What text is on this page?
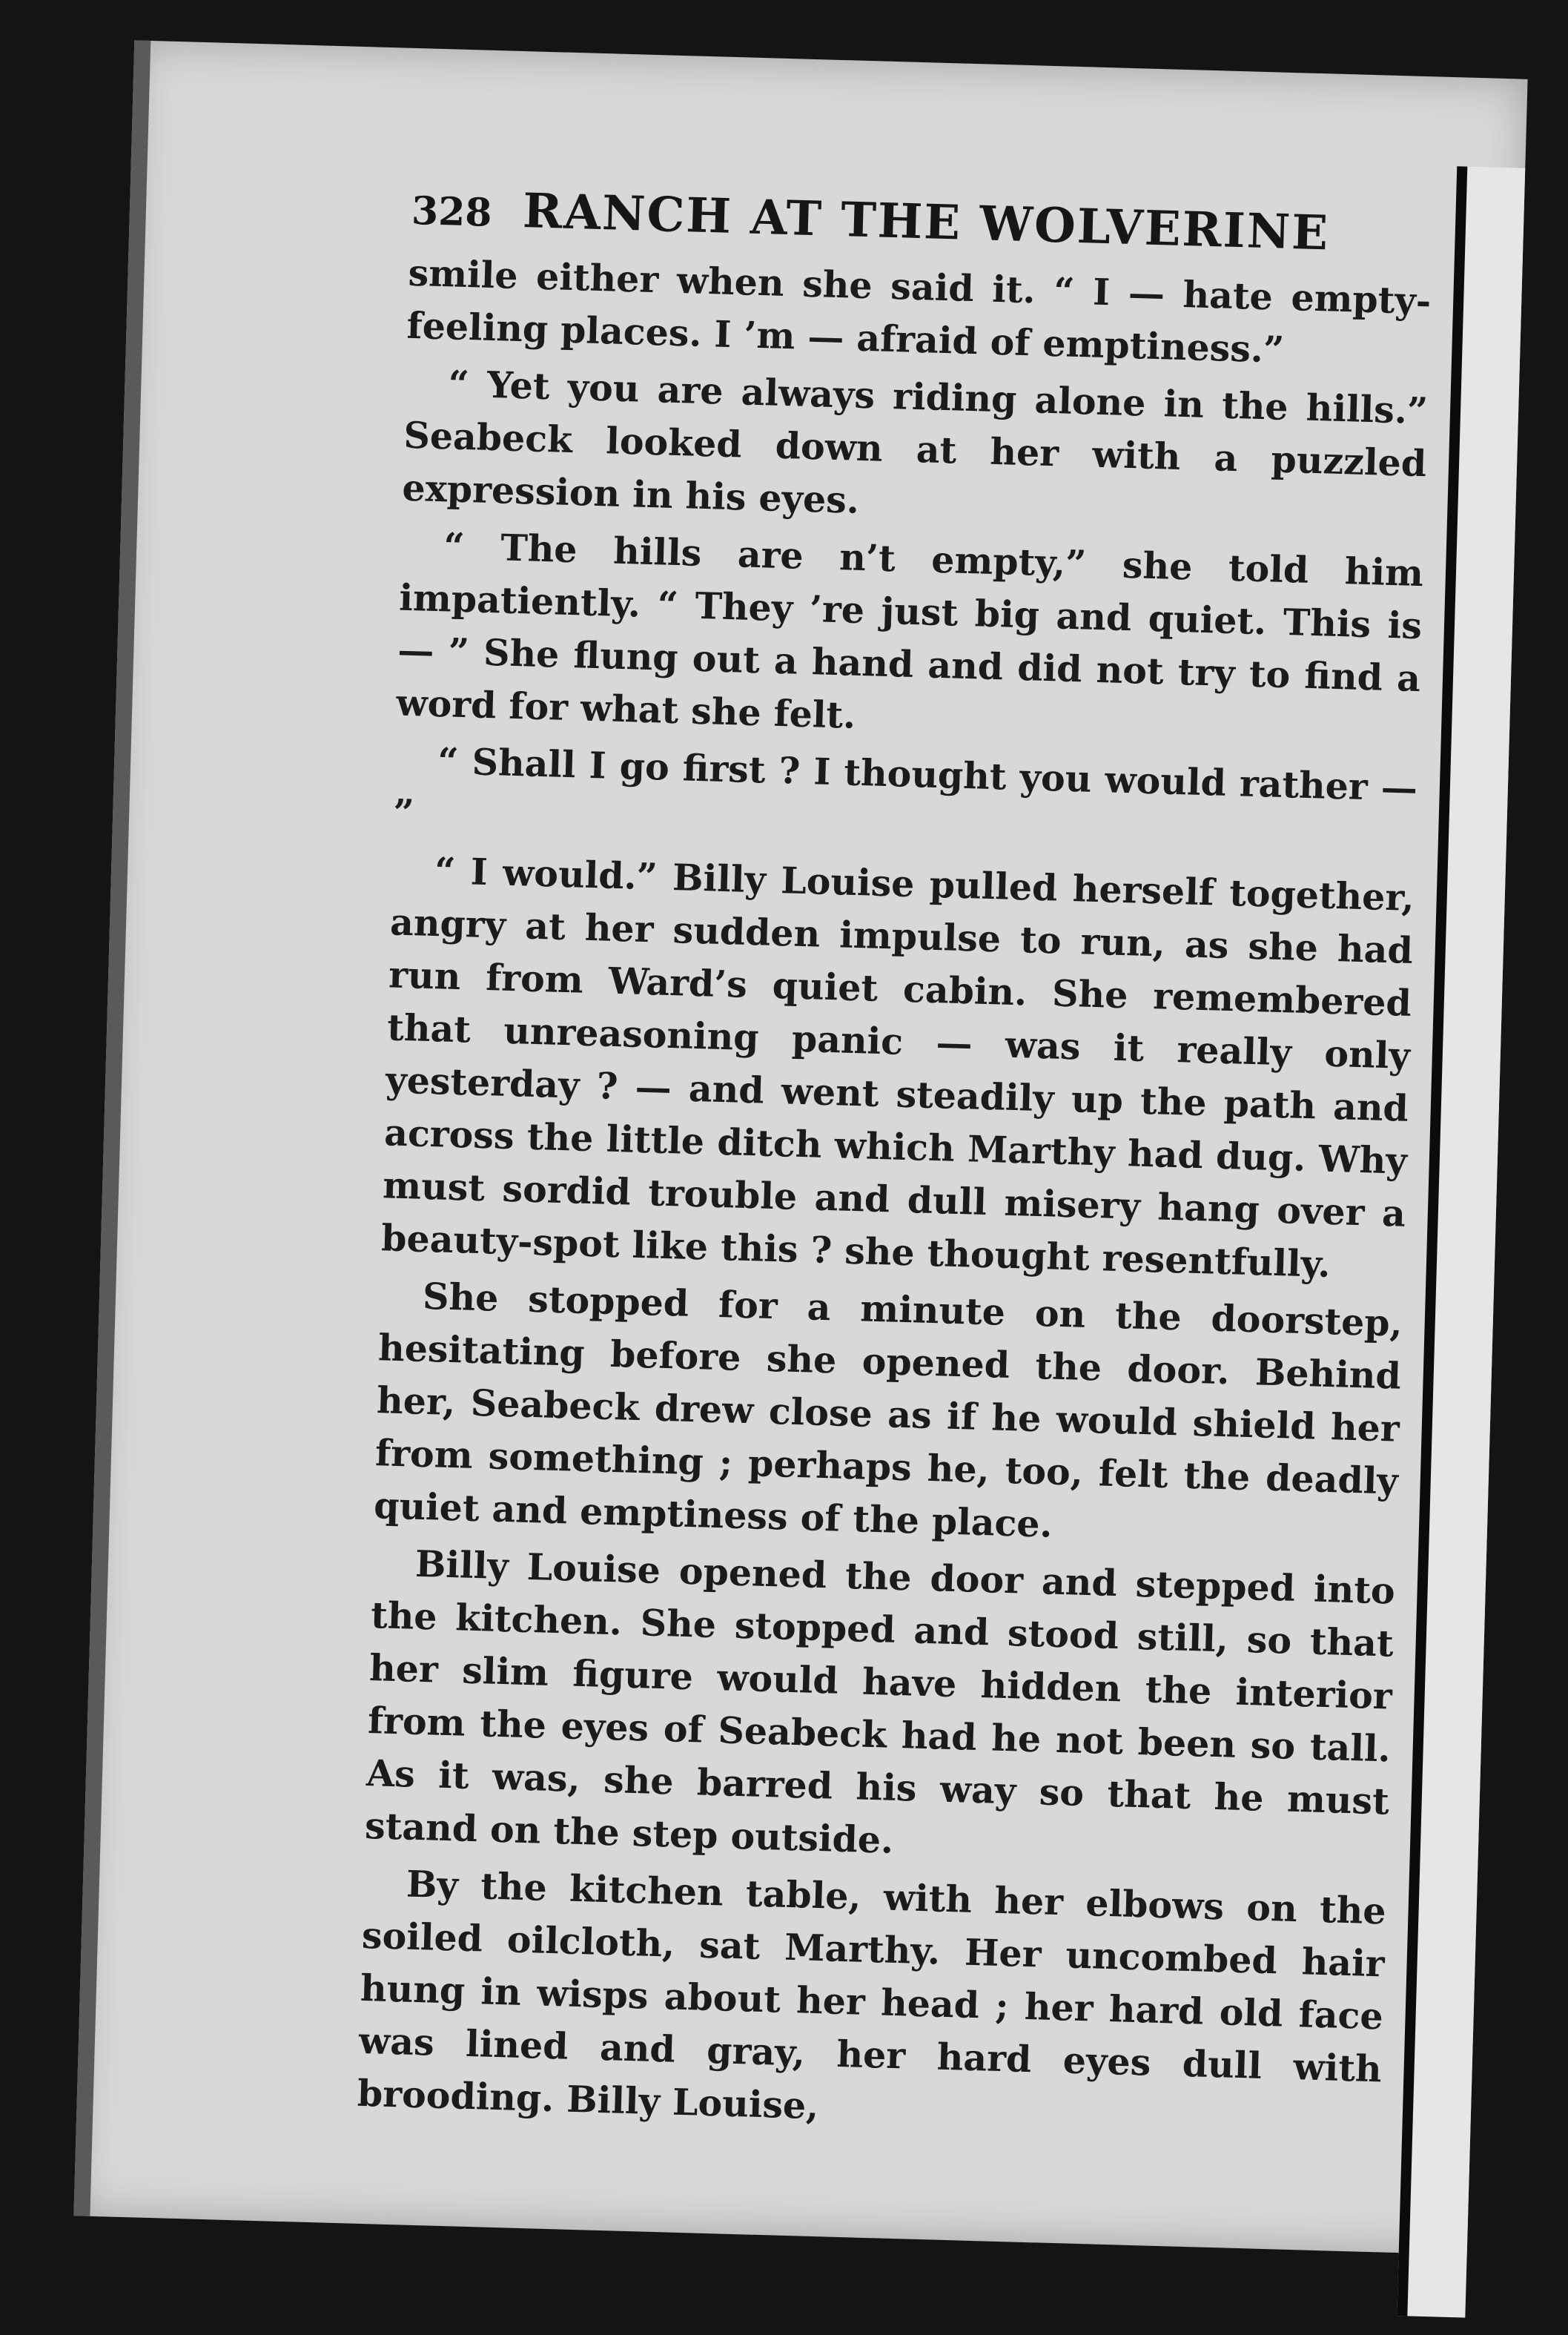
328 RANCH AT THE WOLVERINE

smile either when she said it. “ I — hate empty-feeling places. I ’m — afraid of emptiness.”

“ Yet you are always riding alone in the hills.” Seabeck looked down at her with a puzzled expression in his eyes.

“ The hills are n’t empty,” she told him impatiently. “ They ’re just big and quiet. This is — ” She flung out a hand and did not try to find a word for what she felt.

“ Shall I go first ? I thought you would rather — ”

“ I would.” Billy Louise pulled herself together, angry at her sudden impulse to run, as she had run from Ward’s quiet cabin. She remembered that unreasoning panic — was it really only yesterday ? — and went steadily up the path and across the little ditch which Marthy had dug. Why must sordid trouble and dull misery hang over a beauty-spot like this ? she thought resentfully.

She stopped for a minute on the doorstep, hesitating before she opened the door. Behind her, Seabeck drew close as if he would shield her from something ; perhaps he, too, felt the deadly quiet and emptiness of the place.

Billy Louise opened the door and stepped into the kitchen. She stopped and stood still, so that her slim figure would have hidden the interior from the eyes of Seabeck had he not been so tall. As it was, she barred his way so that he must stand on the step outside.

By the kitchen table, with her elbows on the soiled oilcloth, sat Marthy. Her uncombed hair hung in wisps about her head ; her hard old face was lined and gray, her hard eyes dull with brooding. Billy Louise,
